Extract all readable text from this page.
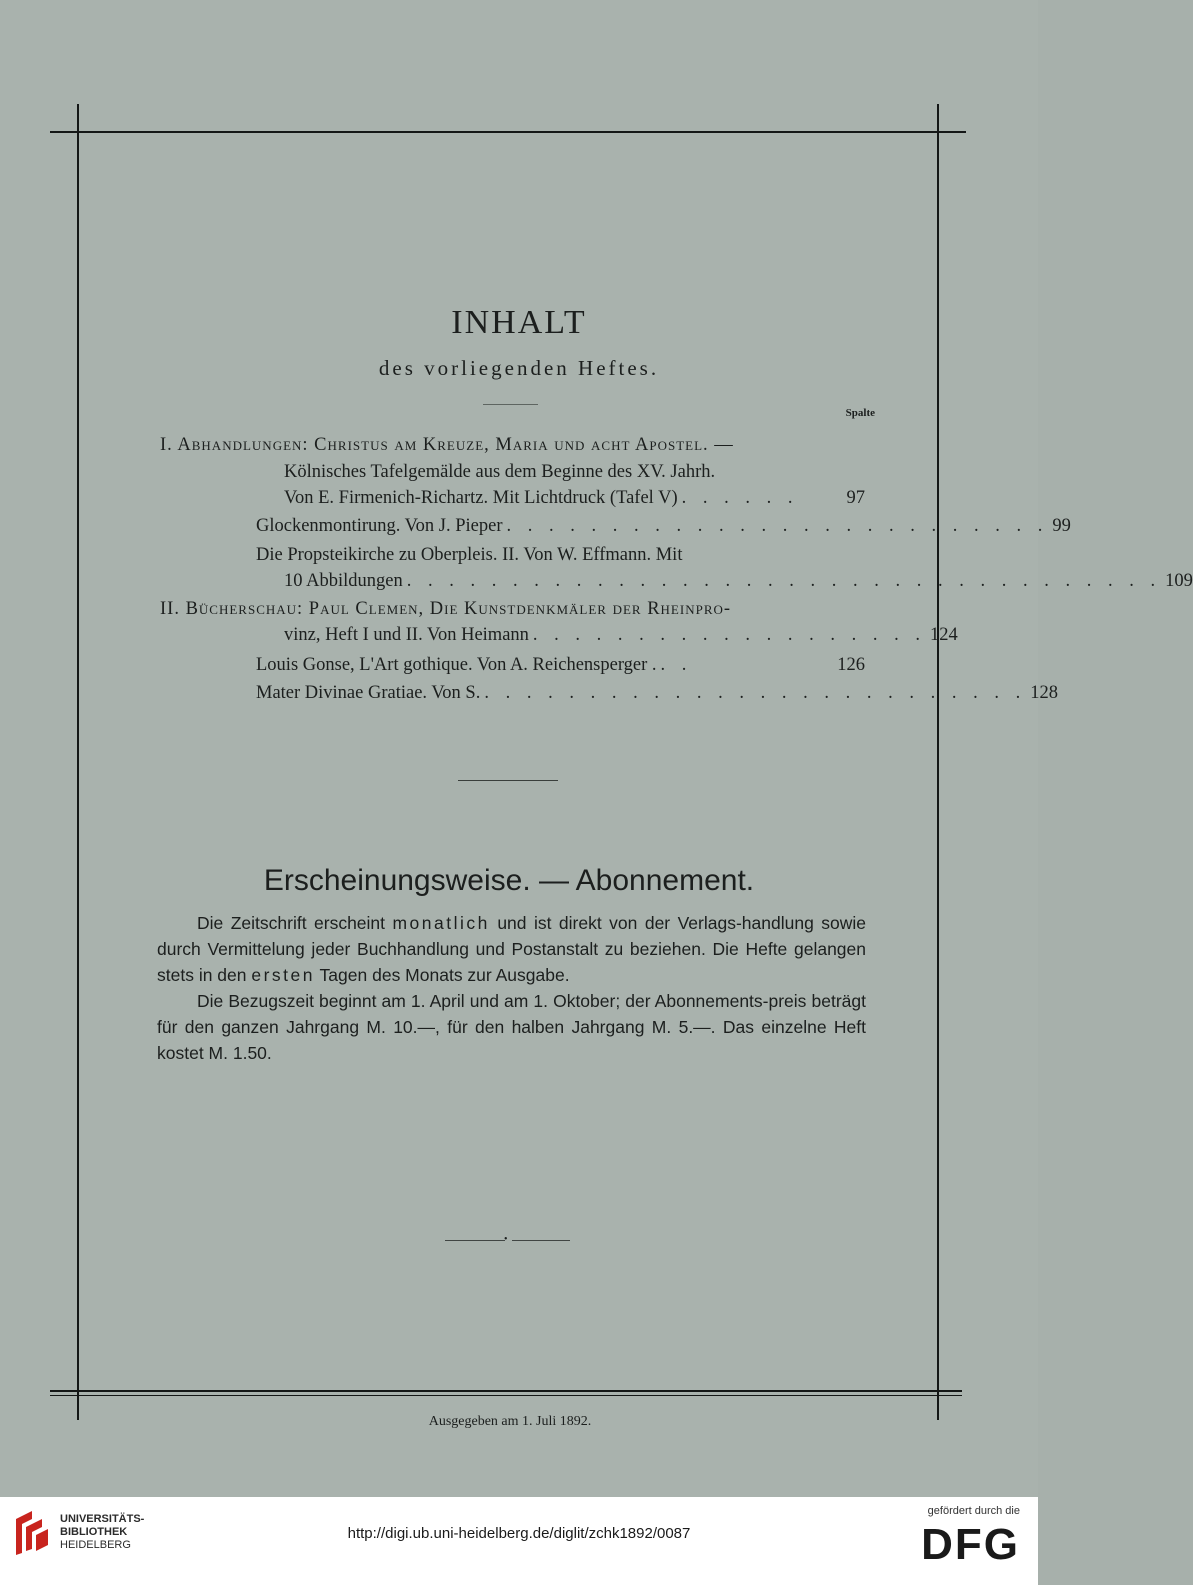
INHALT
des vorliegenden Heftes.
Spalte
I. Abhandlungen: Christus am Kreuze, Maria und acht Apostel. —
Kölnisches Tafelgemälde aus dem Beginne des XV. Jahrh.
Von E. Firmenich-Richartz. Mit Lichtdruck (Tafel V) . . . . . .	97
Glockenmontirung. Von J. Pieper . . . . . . . . . . . . . . . . . . . . . . . . . . 99
Die Propsteikirche zu Oberpleis. II. Von W. Effmann. Mit
10 Abbildungen . . . . . . . . . . . . . . . . . . . . . . . . . . . . . . . . . . . . 109
II. Bücherschau: Paul Clemen, Die Kunstdenkmäler der Rheinpro-
vinz, Heft I und II. Von Heimann . . . . . . . . . . . . . . . . . . . 124
Louis Gonse, L'Art gothique. Von A. Reichensperger . . .	126
Mater Divinae Gratiae. Von S. . . . . . . . . . . . . . . . . . . . . . . . . . . 128
Erscheinungsweise. — Abonnement.

Die Zeitschrift erscheint monatlich und ist direkt von der Verlags-handlung sowie durch Vermittelung jeder Buchhandlung und Postanstalt zu beziehen. Die Hefte gelangen stets in den ersten Tagen des Monats zur Ausgabe.

Die Bezugszeit beginnt am 1. April und am 1. Oktober; der Abonnements-preis beträgt für den ganzen Jahrgang M. 10.—, für den halben Jahrgang M. 5.—. Das einzelne Heft kostet M. 1.50.

•
Ausgegeben am 1. Juli 1892.
UNIVERSITÄTS-
BIBLIOTHEK
HEIDELBERG
http://digi.ub.uni-heidelberg.de/diglit/zchk1892/0087
gefördert durch die
DFG
